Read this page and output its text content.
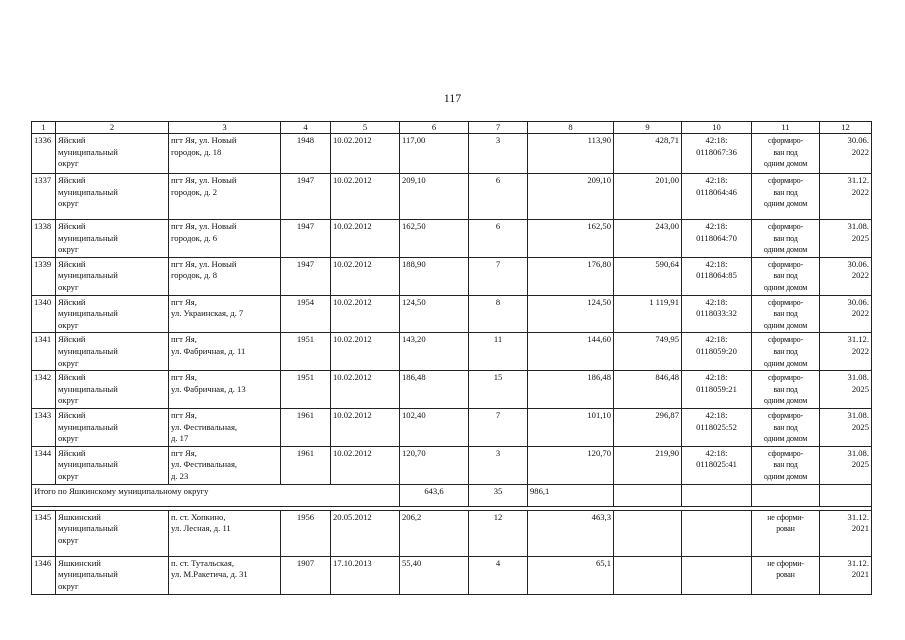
117
1	2	3	4	5	6	7	8	9	10	11	12
1336	Яйский
муниципальный
округ	пгт Яя, ул. Новый
городок, д. 18	1948	10.02.2012	117,00	3	113,90	428,71	42:18:
0118067:36	сформиро-
ван под
одним домом	30.06.
2022
1337	Яйский
муниципальный
округ	пгт Яя, ул. Новый
городок, д. 2	1947	10.02.2012	209,10	6	209,10	201,00	42:18:
0118064:46	сформиро-
ван под
одним домом	31.12.
2022
1338	Яйский
муниципальный
округ	пгт Яя, ул. Новый
городок, д. 6	1947	10.02.2012	162,50	6	162,50	243,00	42:18:
0118064:70	сформиро-
ван под
одним домом	31.08.
2025
1339	Яйский
муниципальный
округ	пгт Яя, ул. Новый
городок, д. 8	1947	10.02.2012	188,90	7	176,80	590,64	42:18:
0118064:85	сформиро-
ван под
одним домом	30.06.
2022
1340	Яйский
муниципальный
округ	пгт Яя,
ул. Украинская, д. 7	1954	10.02.2012	124,50	8	124,50	1 119,91	42:18:
0118033:32	сформиро-
ван под
одним домом	30.06.
2022
1341	Яйский
муниципальный
округ	пгт Яя,
ул. Фабричная, д. 11	1951	10.02.2012	143,20	11	144,60	749,95	42:18:
0118059:20	сформиро-
ван под
одним домом	31.12.
2022
1342	Яйский
муниципальный
округ	пгт Яя,
ул. Фабричная, д. 13	1951	10.02.2012	186,48	15	186,48	846,48	42:18:
0118059:21	сформиро-
ван под
одним домом	31.08.
2025
1343	Яйский
муниципальный
округ	пгт Яя,
ул. Фестивальная,
д. 17	1961	10.02.2012	102,40	7	101,10	296,87	42:18:
0118025:52	сформиро-
ван под
одним домом	31.08.
2025
1344	Яйский
муниципальный
округ	пгт Яя,
ул. Фестивальная,
д. 23	1961	10.02.2012	120,70	3	120,70	219,90	42:18:
0118025:41	сформиро-
ван под
одним домом	31.08.
2025
Итого по Яшкинскому муниципальному округу					643,6	35	986,1				

1345	Яшкинский
муниципальный
округ	п. ст. Хопкино,
ул. Лесная, д. 11	1956	20.05.2012	206,2	12	463,3			не сформи-
рован	31.12.
2021
1346	Яшкинский
муниципальный
округ	п. ст. Тутальская,
ул. М.Ракетича, д. 31	1907	17.10.2013	55,40	4	65,1			не сформи-
рован	31.12.
2021
